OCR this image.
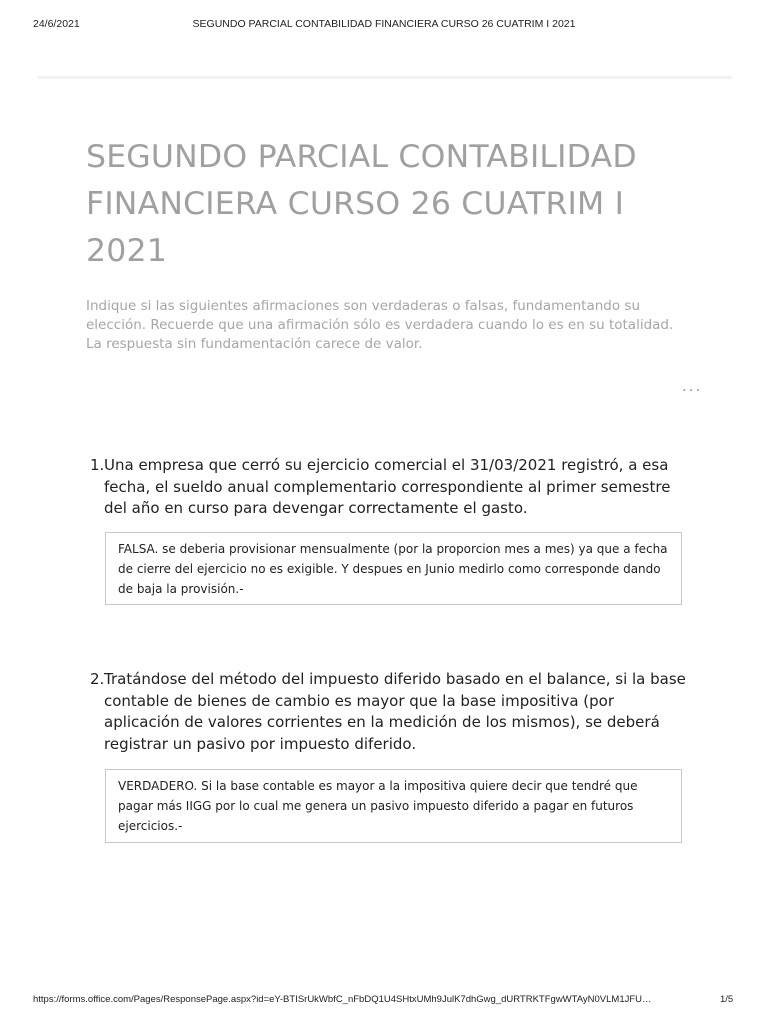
24/6/2021	SEGUNDO PARCIAL CONTABILIDAD FINANCIERA CURSO 26 CUATRIM I 2021
SEGUNDO PARCIAL CONTABILIDAD FINANCIERA CURSO 26 CUATRIM I 2021

Indique si las siguientes afirmaciones son verdaderas o falsas, fundamentando su elección. Recuerde que una afirmación sólo es verdadera cuando lo es en su totalidad. La respuesta sin fundamentación carece de valor.

...
1. Una empresa que cerró su ejercicio comercial el 31/03/2021 registró, a esa fecha, el sueldo anual complementario correspondiente al primer semestre del año en curso para devengar correctamente el gasto.

FALSA. se deberia provisionar mensualmente (por la proporcion mes a mes) ya que a fecha de cierre del ejercicio no es exigible. Y despues en Junio medirlo como corresponde dando de baja la provisión.-
2. Tratándose del método del impuesto diferido basado en el balance, si la base contable de bienes de cambio es mayor que la base impositiva (por aplicación de valores corrientes en la medición de los mismos), se deberá registrar un pasivo por impuesto diferido.

VERDADERO. Si la base contable es mayor a la impositiva quiere decir que tendré que pagar más IIGG por lo cual me genera un pasivo impuesto diferido a pagar en futuros ejercicios.-
https://forms.office.com/Pages/ResponsePage.aspx?id=eY-BTISrUkWbfC_nFbDQ1U4SHtxUMh9JulK7dhGwg_dURTRKTFgwWTAyN0VLM1JFU…	1/5
